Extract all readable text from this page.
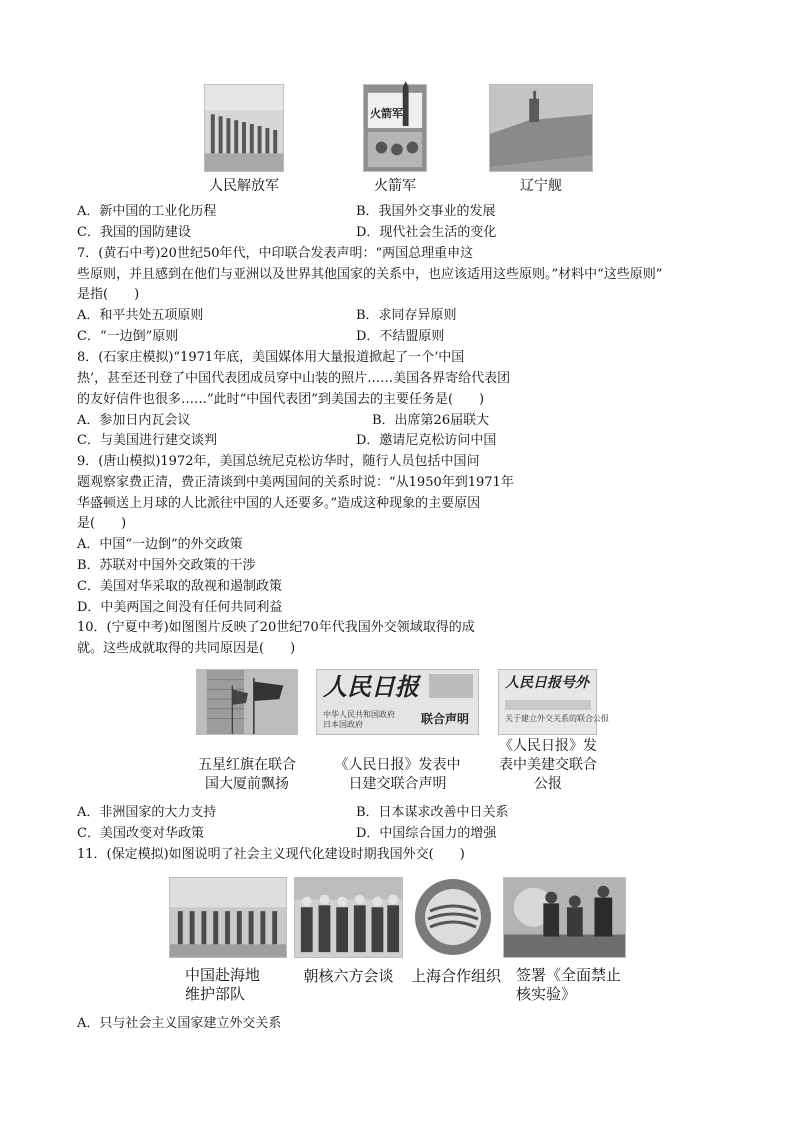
火箭军
人民解放军	火箭军	辽宁舰
A．新中国的工业化历程	B．我国外交事业的发展
C．我国的国防建设	D．现代社会生活的变化
7．(黄石中考)20世纪50年代，中印联合发表声明：“两国总理重申这
些原则，并且感到在他们与亚洲以及世界其他国家的关系中，也应该适用这些原则。”材料中“这些原则”
是指(　　)
A．和平共处五项原则	B．求同存异原则
C．“一边倒”原则	D．不结盟原则
8．(石家庄模拟)“1971年底，美国媒体用大量报道掀起了一个‘中国
热’，甚至还刊登了中国代表团成员穿中山装的照片……美国各界寄给代表团
的友好信件也很多……”此时“中国代表团”到美国去的主要任务是(　　)
A．参加日内瓦会议	B．出席第26届联大
C．与美国进行建交谈判	D．邀请尼克松访问中国
9．(唐山模拟)1972年，美国总统尼克松访华时，随行人员包括中国问
题观察家费正清，费正清谈到中美两国间的关系时说：“从1950年到1971年
华盛顿送上月球的人比派往中国的人还要多。”造成这种现象的主要原因
是(　　)
A．中国“一边倒”的外交政策
B．苏联对中国外交政策的干涉
C．美国对华采取的敌视和遏制政策
D．中美两国之间没有任何共同利益
10．(宁夏中考)如图图片反映了20世纪70年代我国外交领域取得的成
就。这些成就取得的共同原因是(　　)
人民日报
中华人民共和国政府 日本国政府	联合声明
人民日报号外
关于建立外交关系的联合公报
五星红旗在联合国大厦前飘扬
《人民日报》发表中日建交联合声明
《人民日报》发表中美建交联合公报
A．非洲国家的大力支持	B．日本谋求改善中日关系
C．美国改变对华政策	D．中国综合国力的增强
11．(保定模拟)如图说明了社会主义现代化建设时期我国外交(　　)
中国赴海地维护部队
朝核六方会谈	上海合作组织	签署《全面禁止核实验》
A．只与社会主义国家建立外交关系
